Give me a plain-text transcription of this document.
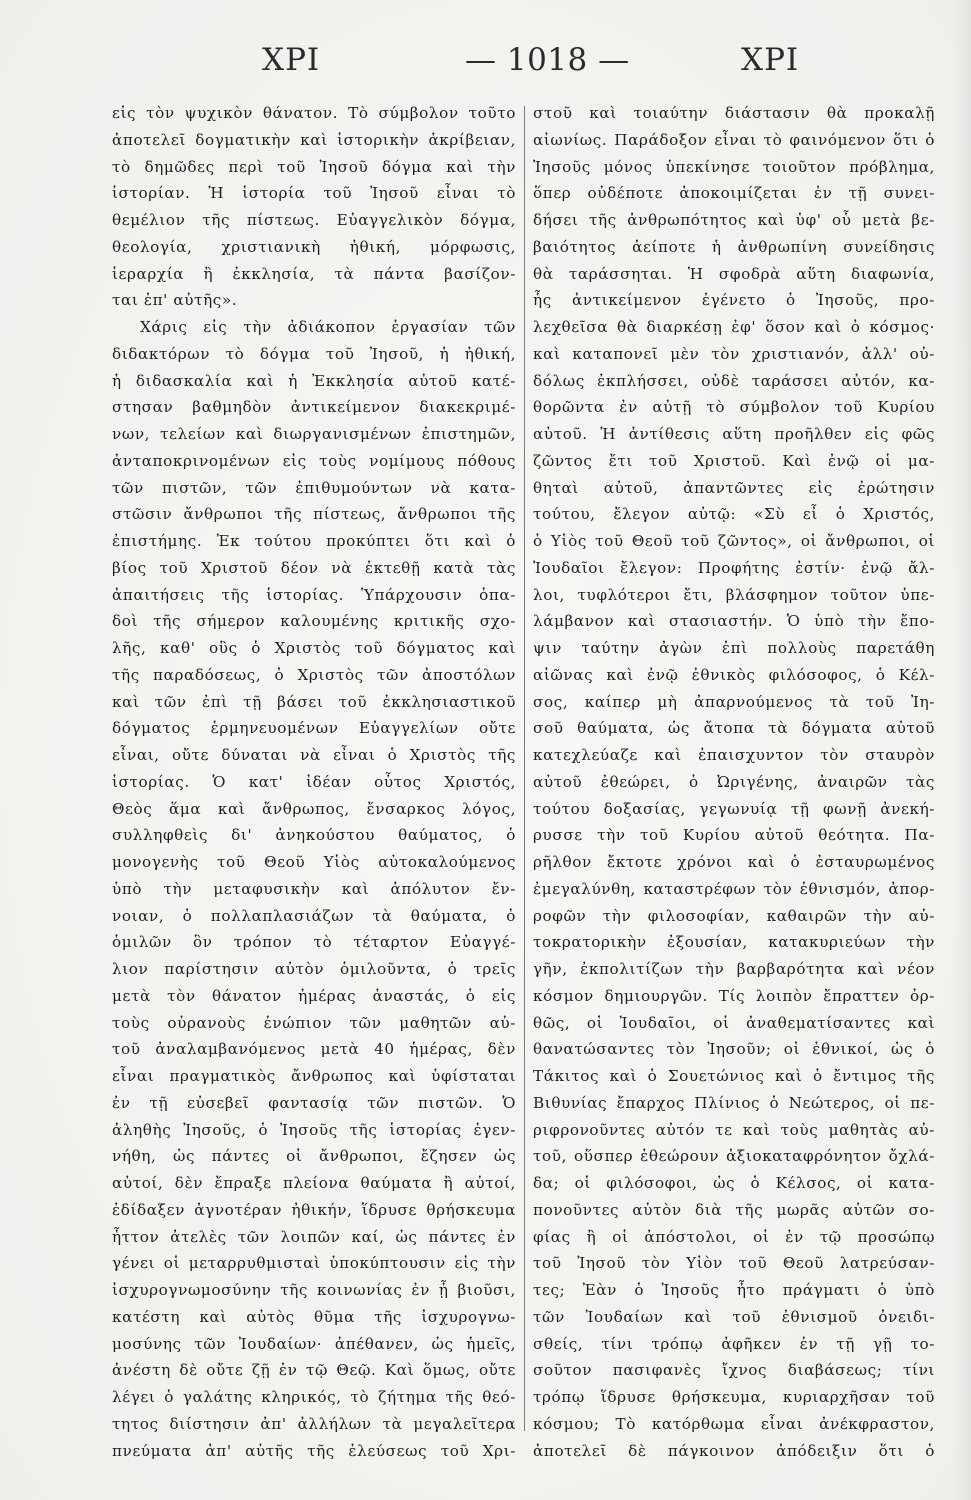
ΧΡΙ	— 1018 —	ΧΡΙ
εἰς τὸν ψυχικὸν θάνατον. Τὸ σύμβολον τοῦτο
ἀποτελεῖ δογματικὴν καὶ ἱστορικὴν ἀκρίβειαν,
τὸ δημῶδες περὶ τοῦ Ἰησοῦ δόγμα καὶ τὴν
ἱστορίαν. Ἡ ἱστορία τοῦ Ἰησοῦ εἶναι τὸ
θεμέλιον τῆς πίστεως. Εὐαγγελικὸν δόγμα,
θεολογία, χριστιανικὴ ἠθική, μόρφωσις,
ἱεραρχία ἢ ἐκκλησία, τὰ πάντα βασίζον-
ται ἐπ' αὐτῆς».
Χάρις εἰς τὴν ἀδιάκοπον ἐργασίαν τῶν
διδακτόρων τὸ δόγμα τοῦ Ἰησοῦ, ἡ ἠθική,
ἡ διδασκαλία καὶ ἡ Ἐκκλησία αὐτοῦ κατέ-
στησαν βαθμηδὸν ἀντικείμενον διακεκριμέ-
νων, τελείων καὶ διωργανισμένων ἐπιστημῶν,
ἀνταποκρινομένων εἰς τοὺς νομίμους πόθους
τῶν πιστῶν, τῶν ἐπιθυμούντων νὰ κατα-
στῶσιν ἄνθρωποι τῆς πίστεως, ἄνθρωποι τῆς
ἐπιστήμης. Ἐκ τούτου προκύπτει ὅτι καὶ ὁ
βίος τοῦ Χριστοῦ δέον νὰ ἐκτεθῇ κατὰ τὰς
ἀπαιτήσεις τῆς ἱστορίας. Ὑπάρχουσιν ὀπα-
δοὶ τῆς σήμερον καλουμένης κριτικῆς σχο-
λῆς, καθ' οὓς ὁ Χριστὸς τοῦ δόγματος καὶ
τῆς παραδόσεως, ὁ Χριστὸς τῶν ἀποστόλων
καὶ τῶν ἐπὶ τῇ βάσει τοῦ ἐκκλησιαστικοῦ
δόγματος ἑρμηνευομένων Εὐαγγελίων οὔτε
εἶναι, οὔτε δύναται νὰ εἶναι ὁ Χριστὸς τῆς
ἱστορίας. Ὁ κατ' ἰδέαν οὗτος Χριστός,
Θεὸς ἅμα καὶ ἄνθρωπος, ἔνσαρκος λόγος,
συλληφθεὶς δι' ἀνηκούστου θαύματος, ὁ
μονογενὴς τοῦ Θεοῦ Υἱὸς αὐτοκαλούμενος
ὑπὸ τὴν μεταφυσικὴν καὶ ἀπόλυτον ἔν-
νοιαν, ὁ πολλαπλασιάζων τὰ θαύματα, ὁ
ὁμιλῶν ὃν τρόπον τὸ τέταρτον Εὐαγγέ-
λιον παρίστησιν αὐτὸν ὁμιλοῦντα, ὁ τρεῖς
μετὰ τὸν θάνατον ἡμέρας ἀναστάς, ὁ εἰς
τοὺς οὐρανοὺς ἐνώπιον τῶν μαθητῶν αὐ-
τοῦ ἀναλαμβανόμενος μετὰ 40 ἡμέρας, δὲν
εἶναι πραγματικὸς ἄνθρωπος καὶ ὑφίσταται
ἐν τῇ εὐσεβεῖ φαντασίᾳ τῶν πιστῶν. Ὁ
ἀληθὴς Ἰησοῦς, ὁ Ἰησοῦς τῆς ἱστορίας ἐγεν-
νήθη, ὡς πάντες οἱ ἄνθρωποι, ἔζησεν ὡς
αὐτοί, δὲν ἔπραξε πλείονα θαύματα ἢ αὐτοί,
ἐδίδαξεν ἀγνοτέραν ἠθικήν, ἵδρυσε θρήσκευμα
ἧττον ἀτελὲς τῶν λοιπῶν καί, ὡς πάντες ἐν
γένει οἱ μεταρρυθμισταὶ ὑποκύπτουσιν εἰς τὴν
ἰσχυρογνωμοσύνην τῆς κοινωνίας ἐν ᾗ βιοῦσι,
κατέστη καὶ αὐτὸς θῦμα τῆς ἰσχυρογνω-
μοσύνης τῶν Ἰουδαίων· ἀπέθανεν, ὡς ἡμεῖς,
ἀνέστη δὲ οὔτε ζῇ ἐν τῷ Θεῷ. Καὶ ὅμως, οὔτε
λέγει ὁ γαλάτης κληρικός, τὸ ζήτημα τῆς θεό-
τητος διίστησιν ἀπ' ἀλλήλων τὰ μεγαλεῖτερα
πνεύματα ἀπ' αὐτῆς τῆς ἐλεύσεως τοῦ Χρι-
στοῦ καὶ τοιαύτην διάστασιν θὰ προκαλῇ
αἰωνίως. Παράδοξον εἶναι τὸ φαινόμενον ὅτι ὁ
Ἰησοῦς μόνος ὑπεκίνησε τοιοῦτον πρόβλημα,
ὅπερ οὐδέποτε ἀποκοιμίζεται ἐν τῇ συνει-
δήσει τῆς ἀνθρωπότητος καὶ ὑφ' οὗ μετὰ βε-
βαιότητος ἀείποτε ἡ ἀνθρωπίνη συνείδησις
θὰ ταράσσηται. Ἡ σφοδρὰ αὕτη διαφωνία,
ἧς ἀντικείμενον ἐγένετο ὁ Ἰησοῦς, προ-
λεχθεῖσα θὰ διαρκέσῃ ἐφ' ὅσον καὶ ὁ κόσμος·
καὶ καταπονεῖ μὲν τὸν χριστιανόν, ἀλλ' οὐ-
δόλως ἐκπλήσσει, οὐδὲ ταράσσει αὐτόν, κα-
θορῶντα ἐν αὐτῇ τὸ σύμβολον τοῦ Κυρίου
αὐτοῦ. Ἡ ἀντίθεσις αὕτη προῆλθεν εἰς φῶς
ζῶντος ἔτι τοῦ Χριστοῦ. Καὶ ἐνῷ οἱ μα-
θηταὶ αὐτοῦ, ἀπαντῶντες εἰς ἐρώτησιν
τούτου, ἔλεγον αὐτῷ: «Σὺ εἶ ὁ Χριστός,
ὁ Υἱὸς τοῦ Θεοῦ τοῦ ζῶντος», οἱ ἄνθρωποι, οἱ
Ἰουδαῖοι ἔλεγον: Προφήτης ἐστίν· ἐνῷ ἄλ-
λοι, τυφλότεροι ἔτι, βλάσφημον τοῦτον ὑπε-
λάμβανον καὶ στασιαστήν. Ὁ ὑπὸ τὴν ἔπο-
ψιν ταύτην ἀγὼν ἐπὶ πολλοὺς παρετάθη
αἰῶνας καὶ ἐνῷ ἐθνικὸς φιλόσοφος, ὁ Κέλ-
σος, καίπερ μὴ ἀπαρνούμενος τὰ τοῦ Ἰη-
σοῦ θαύματα, ὡς ἄτοπα τὰ δόγματα αὐτοῦ
κατεχλεύαζε καὶ ἐπαισχυντον τὸν σταυρὸν
αὐτοῦ ἐθεώρει, ὁ Ὠριγένης, ἀναιρῶν τὰς
τούτου δοξασίας, γεγωνυίᾳ τῇ φωνῇ ἀνεκή-
ρυσσε τὴν τοῦ Κυρίου αὐτοῦ θεότητα. Πα-
ρῆλθον ἔκτοτε χρόνοι καὶ ὁ ἐσταυρωμένος
ἐμεγαλύνθη, καταστρέφων τὸν ἐθνισμόν, ἀπορ-
ροφῶν τὴν φιλοσοφίαν, καθαιρῶν τὴν αὐ-
τοκρατορικὴν ἐξουσίαν, κατακυριεύων τὴν
γῆν, ἐκπολιτίζων τὴν βαρβαρότητα καὶ νέον
κόσμον δημιουργῶν. Τίς λοιπὸν ἔπραττεν ὀρ-
θῶς, οἱ Ἰουδαῖοι, οἱ ἀναθεματίσαντες καὶ
θανατώσαντες τὸν Ἰησοῦν; οἱ ἐθνικοί, ὡς ὁ
Τάκιτος καὶ ὁ Σουετώνιος καὶ ὁ ἔντιμος τῆς
Βιθυνίας ἔπαρχος Πλίνιος ὁ Νεώτερος, οἱ πε-
ριφρονοῦντες αὐτόν τε καὶ τοὺς μαθητὰς αὐ-
τοῦ, οὕσπερ ἐθεώρουν ἀξιοκαταφρόνητον ὄχλά-
δα; οἱ φιλόσοφοι, ὡς ὁ Κέλσος, οἱ κατα-
πονοῦντες αὐτὸν διὰ τῆς μωρᾶς αὐτῶν σο-
φίας ἢ οἱ ἀπόστολοι, οἱ ἐν τῷ προσώπῳ
τοῦ Ἰησοῦ τὸν Υἱὸν τοῦ Θεοῦ λατρεύσαν-
τες; Ἐὰν ὁ Ἰησοῦς ἦτο πράγματι ὁ ὑπὸ
τῶν Ἰουδαίων καὶ τοῦ ἐθνισμοῦ ὀνειδι-
σθείς, τίνι τρόπῳ ἀφῆκεν ἐν τῇ γῇ το-
σοῦτον πασιφανὲς ἴχνος διαβάσεως; τίνι
τρόπῳ ἵδρυσε θρήσκευμα, κυριαρχῆσαν τοῦ
κόσμου; Τὸ κατόρθωμα εἶναι ἀνέκφραστον,
ἀποτελεῖ δὲ πάγκοινον ἀπόδειξιν ὅτι ὁ
